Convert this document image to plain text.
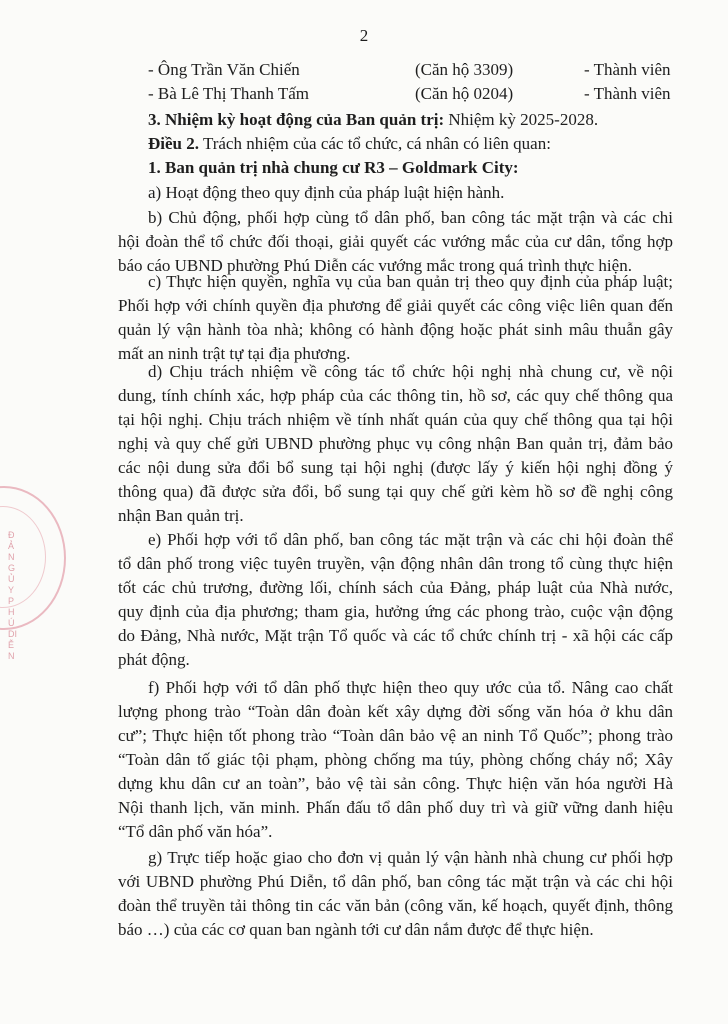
2
- Ông Trần Văn Chiến	(Căn hộ 3309)	- Thành viên
- Bà Lê Thị Thanh Tấm	(Căn hộ 0204)	- Thành viên
3. Nhiệm kỳ hoạt động của Ban quản trị: Nhiệm kỳ 2025-2028.
Điều 2. Trách nhiệm của các tổ chức, cá nhân có liên quan:
1. Ban quản trị nhà chung cư R3 – Goldmark City:
a) Hoạt động theo quy định của pháp luật hiện hành.
b) Chủ động, phối hợp cùng tổ dân phố, ban công tác mặt trận và các chi
hội đoàn thể tổ chức đối thoại, giải quyết các vướng mắc của cư dân, tổng hợp
báo cáo UBND phường Phú Diễn các vướng mắc trong quá trình thực hiện.
c) Thực hiện quyền, nghĩa vụ của ban quản trị theo quy định của pháp luật;
Phối hợp với chính quyền địa phương để giải quyết các công việc liên quan đến
quản lý vận hành tòa nhà; không có hành động hoặc phát sinh mâu thuẫn gây
mất an ninh trật tự tại địa phương.
d) Chịu trách nhiệm về công tác tổ chức hội nghị nhà chung cư, về nội
dung, tính chính xác, hợp pháp của các thông tin, hồ sơ, các quy chế thông qua
tại hội nghị. Chịu trách nhiệm về tính nhất quán của quy chế thông qua tại hội
nghị và quy chế gửi UBND phường phục vụ công nhận Ban quản trị, đảm bảo
các nội dung sửa đổi bổ sung tại hội nghị (được lấy ý kiến hội nghị đồng ý
thông qua) đã được sửa đổi, bổ sung tại quy chế gửi kèm hồ sơ đề nghị công
nhận Ban quản trị.
e) Phối hợp với tổ dân phố, ban công tác mặt trận và các chi hội đoàn thể
tổ dân phố trong việc tuyên truyền, vận động nhân dân trong tổ cùng thực hiện
tốt các chủ trương, đường lối, chính sách của Đảng, pháp luật của Nhà nước,
quy định của địa phương; tham gia, hưởng ứng các phong trào, cuộc vận động
do Đảng, Nhà nước, Mặt trận Tổ quốc và các tổ chức chính trị - xã hội các cấp
phát động.
f) Phối hợp với tổ dân phố thực hiện theo quy ước của tổ. Nâng cao chất
lượng phong trào “Toàn dân đoàn kết xây dựng đời sống văn hóa ở khu dân
cư”; Thực hiện tốt phong trào “Toàn dân bảo vệ an ninh Tổ Quốc”; phong trào
“Toàn dân tố giác tội phạm, phòng chống ma túy, phòng chống cháy nổ; Xây
dựng khu dân cư an toàn”, bảo vệ tài sản công. Thực hiện văn hóa người Hà
Nội thanh lịch, văn minh. Phấn đấu tổ dân phố duy trì và giữ vững danh hiệu
“Tổ dân phố văn hóa”.
g) Trực tiếp hoặc giao cho đơn vị quản lý vận hành nhà chung cư phối hợp
với UBND phường Phú Diễn, tổ dân phố, ban công tác mặt trận và các chi hội
đoàn thể truyền tải thông tin các văn bản (công văn, kế hoạch, quyết định, thông
báo …) của các cơ quan ban ngành tới cư dân nắm được để thực hiện.
ĐẢNG ỦY PHÚ DIỄN
